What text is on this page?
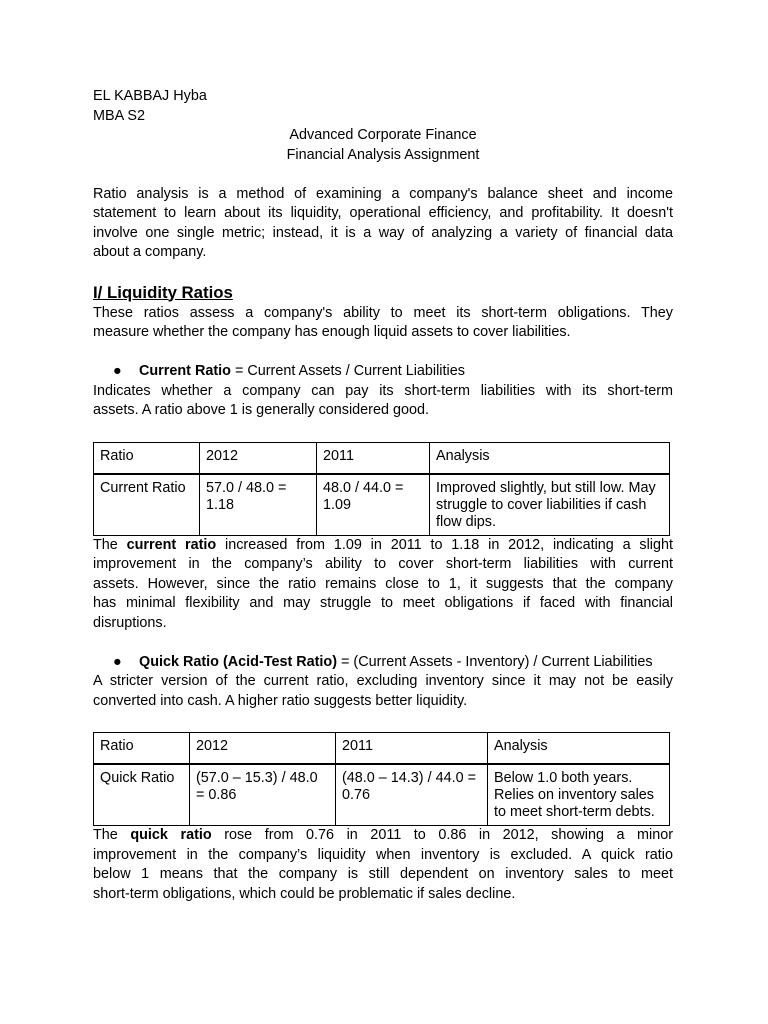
EL KABBAJ Hyba
MBA S2
Advanced Corporate Finance
Financial Analysis Assignment
Ratio analysis is a method of examining a company's balance sheet and income
statement to learn about its liquidity, operational efficiency, and profitability. It doesn't
involve one single metric; instead, it is a way of analyzing a variety of financial data
about a company.
I/ Liquidity Ratios
These ratios assess a company's ability to meet its short-term obligations. They
measure whether the company has enough liquid assets to cover liabilities.
● Current Ratio = Current Assets / Current Liabilities
Indicates whether a company can pay its short-term liabilities with its short-term
assets. A ratio above 1 is generally considered good.
Ratio	2012	2011	Analysis
Current Ratio	57.0 / 48.0 = 1.18	48.0 / 44.0 = 1.09	Improved slightly, but still low. May struggle to cover liabilities if cash flow dips.
The current ratio increased from 1.09 in 2011 to 1.18 in 2012, indicating a slight
improvement in the company’s ability to cover short-term liabilities with current
assets. However, since the ratio remains close to 1, it suggests that the company
has minimal flexibility and may struggle to meet obligations if faced with financial
disruptions.
● Quick Ratio (Acid-Test Ratio) = (Current Assets - Inventory) / Current Liabilities
A stricter version of the current ratio, excluding inventory since it may not be easily
converted into cash. A higher ratio suggests better liquidity.
Ratio	2012	2011	Analysis
Quick Ratio	(57.0 – 15.3) / 48.0 = 0.86	(48.0 – 14.3) / 44.0 = 0.76	Below 1.0 both years. Relies on inventory sales to meet short-term debts.
The quick ratio rose from 0.76 in 2011 to 0.86 in 2012, showing a minor
improvement in the company’s liquidity when inventory is excluded. A quick ratio
below 1 means that the company is still dependent on inventory sales to meet
short-term obligations, which could be problematic if sales decline.
